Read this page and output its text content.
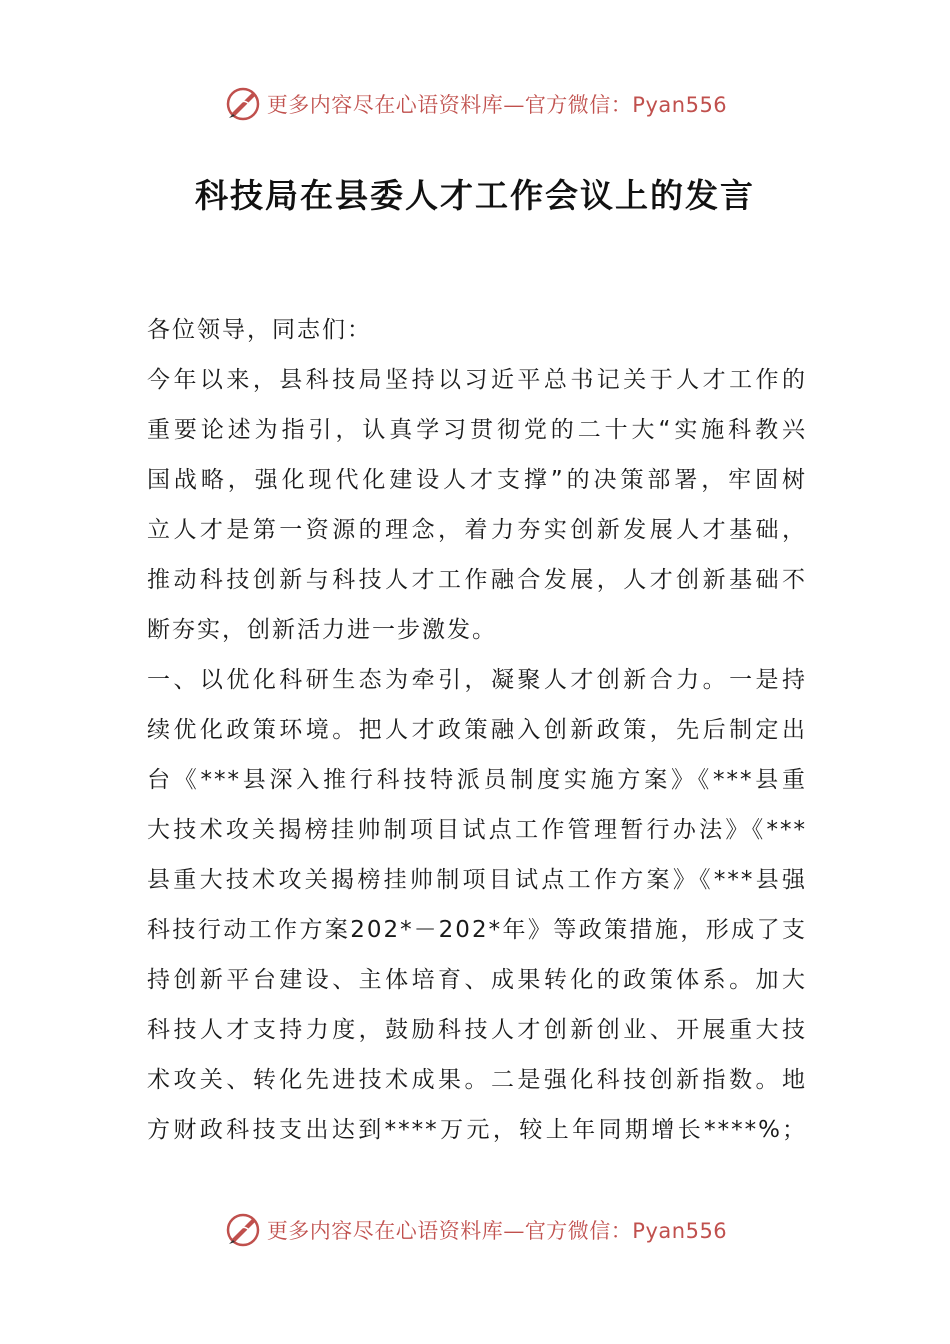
更多内容尽在心语资料库—官方微信：Pyan556
科技局在县委人才工作会议上的发言
各位领导，同志们：
今年以来，县科技局坚持以习近平总书记关于人才工作的
重要论述为指引，认真学习贯彻党的二十大“实施科教兴
国战略，强化现代化建设人才支撑”的决策部署，牢固树
立人才是第一资源的理念，着力夯实创新发展人才基础，
推动科技创新与科技人才工作融合发展，人才创新基础不
断夯实，创新活力进一步激发。
一、以优化科研生态为牵引，凝聚人才创新合力。一是持
续优化政策环境。把人才政策融入创新政策，先后制定出
台《***县深入推行科技特派员制度实施方案》《***县重
大技术攻关揭榜挂帅制项目试点工作管理暂行办法》《***
县重大技术攻关揭榜挂帅制项目试点工作方案》《***县强
科技行动工作方案202*－202*年》等政策措施，形成了支
持创新平台建设、主体培育、成果转化的政策体系。加大
科技人才支持力度，鼓励科技人才创新创业、开展重大技
术攻关、转化先进技术成果。二是强化科技创新指数。地
方财政科技支出达到****万元，较上年同期增长****%；
更多内容尽在心语资料库—官方微信：Pyan556
